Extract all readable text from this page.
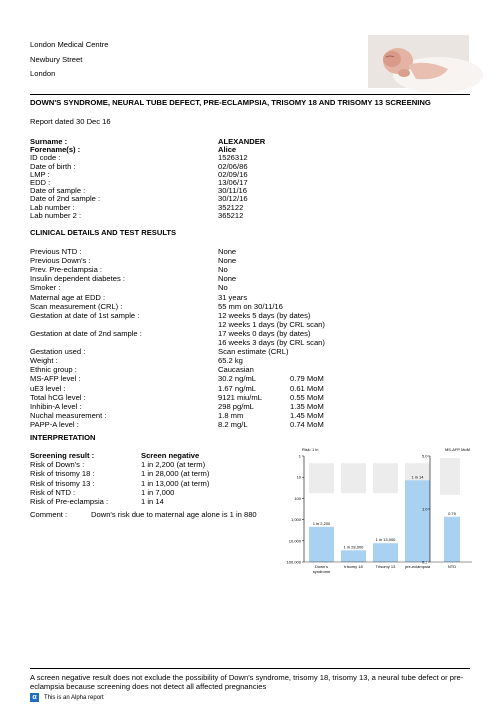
London Medical Centre
Newbury Street
London
DOWN'S SYNDROME, NEURAL TUBE DEFECT, PRE-ECLAMPSIA, TRISOMY 18 AND TRISOMY 13 SCREENING
Report dated 30 Dec 16
Surname :	ALEXANDER
Forename(s) :	Alice
ID code :	1526312
Date of birth :	02/06/86
LMP :	02/09/16
EDD :	13/06/17
Date of sample :	30/11/16
Date of 2nd sample :	30/12/16
Lab number :	352122
Lab number 2 :	365212
CLINICAL DETAILS AND TEST RESULTS
Previous NTD :	None
Previous Down's :	None
Prev. Pre-eclampsia :	No
Insulin dependent diabetes :	None
Smoker :	No
Maternal age at EDD :	31 years
Scan measurement (CRL) :	55 mm on 30/11/16
Gestation at date of 1st sample :	12 weeks 5 days (by dates)
12 weeks 1 days (by CRL scan)
Gestation at date of 2nd sample :	17 weeks 0 days (by dates)
16 weeks 3 days (by CRL scan)
Gestation used :	Scan estimate (CRL)
Weight :	65.2 kg
Ethnic group :	Caucasian
MS-AFP level :	30.2 ng/mL	0.79 MoM
uE3 level :	1.67 ng/mL	0.61 MoM
Total hCG level :	9121 miu/mL	0.55 MoM
Inhibin-A level :	298 pg/mL	1.35 MoM
Nuchal measurement :	1.8 mm	1.45 MoM
PAPP-A level :	8.2 mg/L	0.74 MoM
INTERPRETATION
Screening result :	Screen negative
Risk of Down's :	1 in 2,200 (at term)
Risk of trisomy 18 :	1 in 28,000 (at term)
Risk of trisomy 13 :	1 in 13,000 (at term)
Risk of NTD :	1 in 7,000
Risk of Pre-eclampsia :	1 in 14
Comment :	Down's risk due to maternal age alone is 1 in 880
Risk: 1 in
1
10
100
1,000
10,000
100,000
1 in 2,200
Down's
syndrome
1 in 28,000
trisomy 18
1 in 13,000
Trisomy 13
1 in 14
pre-eclampsia
MS-AFP MoM
5.0
1.0
0.2
0.79
NTD
A screen negative result does not exclude the possibility of Down's syndrome, trisomy 18, trisomy 13, a neural tube defect or pre-eclampsia because screening does not detect all affected pregnancies
α	This is an Alpha report
